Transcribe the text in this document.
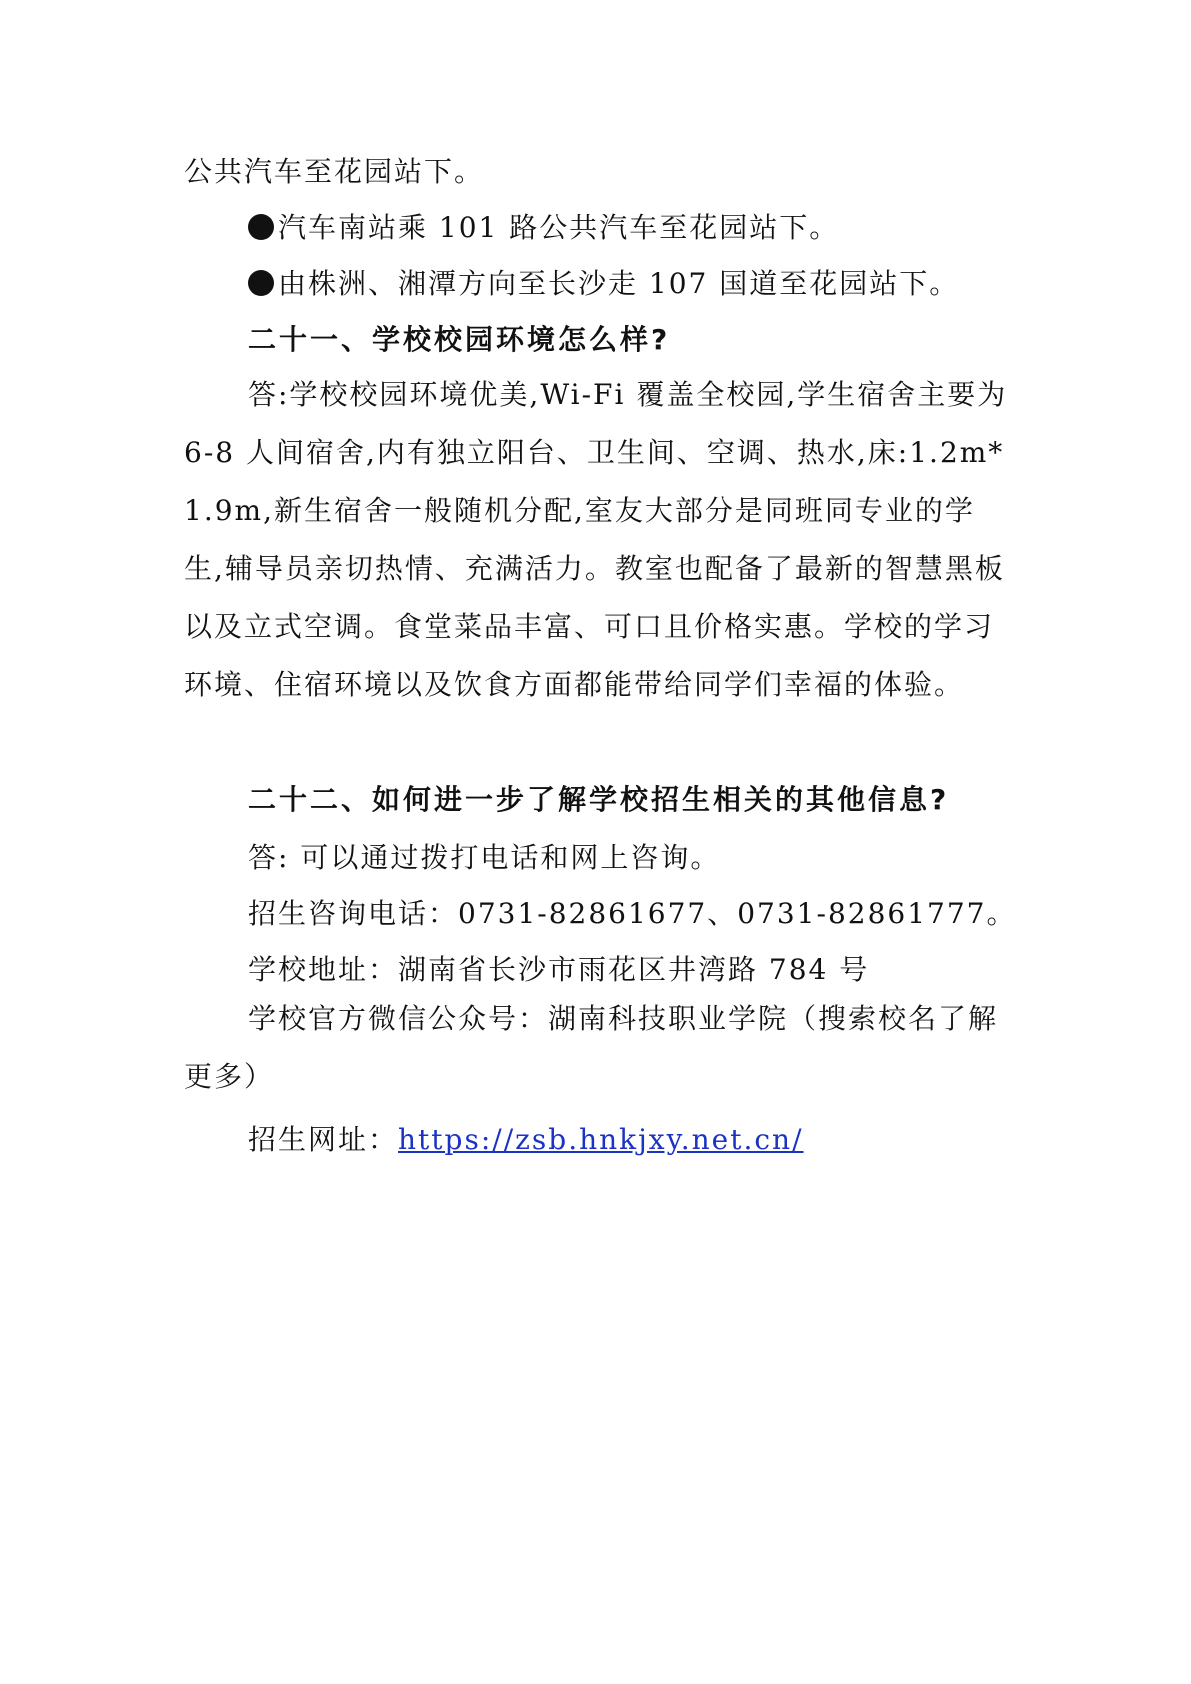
公共汽车至花园站下。
汽车南站乘 101 路公共汽车至花园站下。
由株洲、湘潭方向至长沙走 107 国道至花园站下。
二十一、学校校园环境怎么样?
答:学校校园环境优美,Wi-Fi 覆盖全校园,学生宿舍主要为 6-8 人间宿舍,内有独立阳台、卫生间、空调、热水,床:1.2m*1.9m,新生宿舍一般随机分配,室友大部分是同班同专业的学生,辅导员亲切热情、充满活力。教室也配备了最新的智慧黑板以及立式空调。食堂菜品丰富、可口且价格实惠。学校的学习环境、住宿环境以及饮食方面都能带给同学们幸福的体验。
二十二、如何进一步了解学校招生相关的其他信息?
答: 可以通过拨打电话和网上咨询。
招生咨询电话：0731-82861677、0731-82861777。
学校地址：湖南省长沙市雨花区井湾路 784 号
学校官方微信公众号：湖南科技职业学院（搜索校名了解更多）
招生网址：https://zsb.hnkjxy.net.cn/
